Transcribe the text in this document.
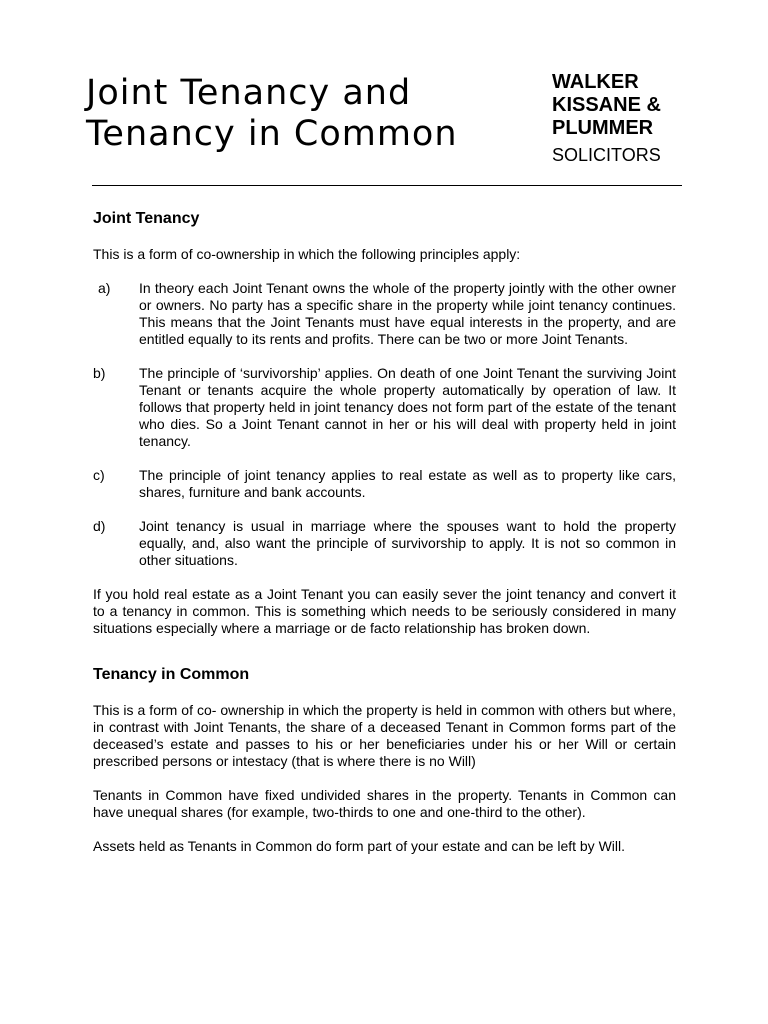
Joint Tenancy and
Tenancy in Common
WALKER
KISSANE &
PLUMMER
SOLICITORS
Joint Tenancy

This is a form of co-ownership in which the following principles apply:

a)	In theory each Joint Tenant owns the whole of the property jointly with the other owner or owners. No party has a specific share in the property while joint tenancy continues. This means that the Joint Tenants must have equal interests in the property, and are entitled equally to its rents and profits. There can be two or more Joint Tenants.
b)	The principle of ‘survivorship’ applies. On death of one Joint Tenant the surviving Joint Tenant or tenants acquire the whole property automatically by operation of law. It follows that property held in joint tenancy does not form part of the estate of the tenant who dies. So a Joint Tenant cannot in her or his will deal with property held in joint tenancy.
c)	The principle of joint tenancy applies to real estate as well as to property like cars, shares, furniture and bank accounts.
d)	Joint tenancy is usual in marriage where the spouses want to hold the property equally, and, also want the principle of survivorship to apply. It is not so common in other situations.

If you hold real estate as a Joint Tenant you can easily sever the joint tenancy and convert it to a tenancy in common. This is something which needs to be seriously considered in many situations especially where a marriage or de facto relationship has broken down.

Tenancy in Common

This is a form of co- ownership in which the property is held in common with others but where, in contrast with Joint Tenants, the share of a deceased Tenant in Common forms part of the deceased’s estate and passes to his or her beneficiaries under his or her Will or certain prescribed persons or intestacy (that is where there is no Will)

Tenants in Common have fixed undivided shares in the property. Tenants in Common can have unequal shares (for example, two-thirds to one and one-third to the other).

Assets held as Tenants in Common do form part of your estate and can be left by Will.
